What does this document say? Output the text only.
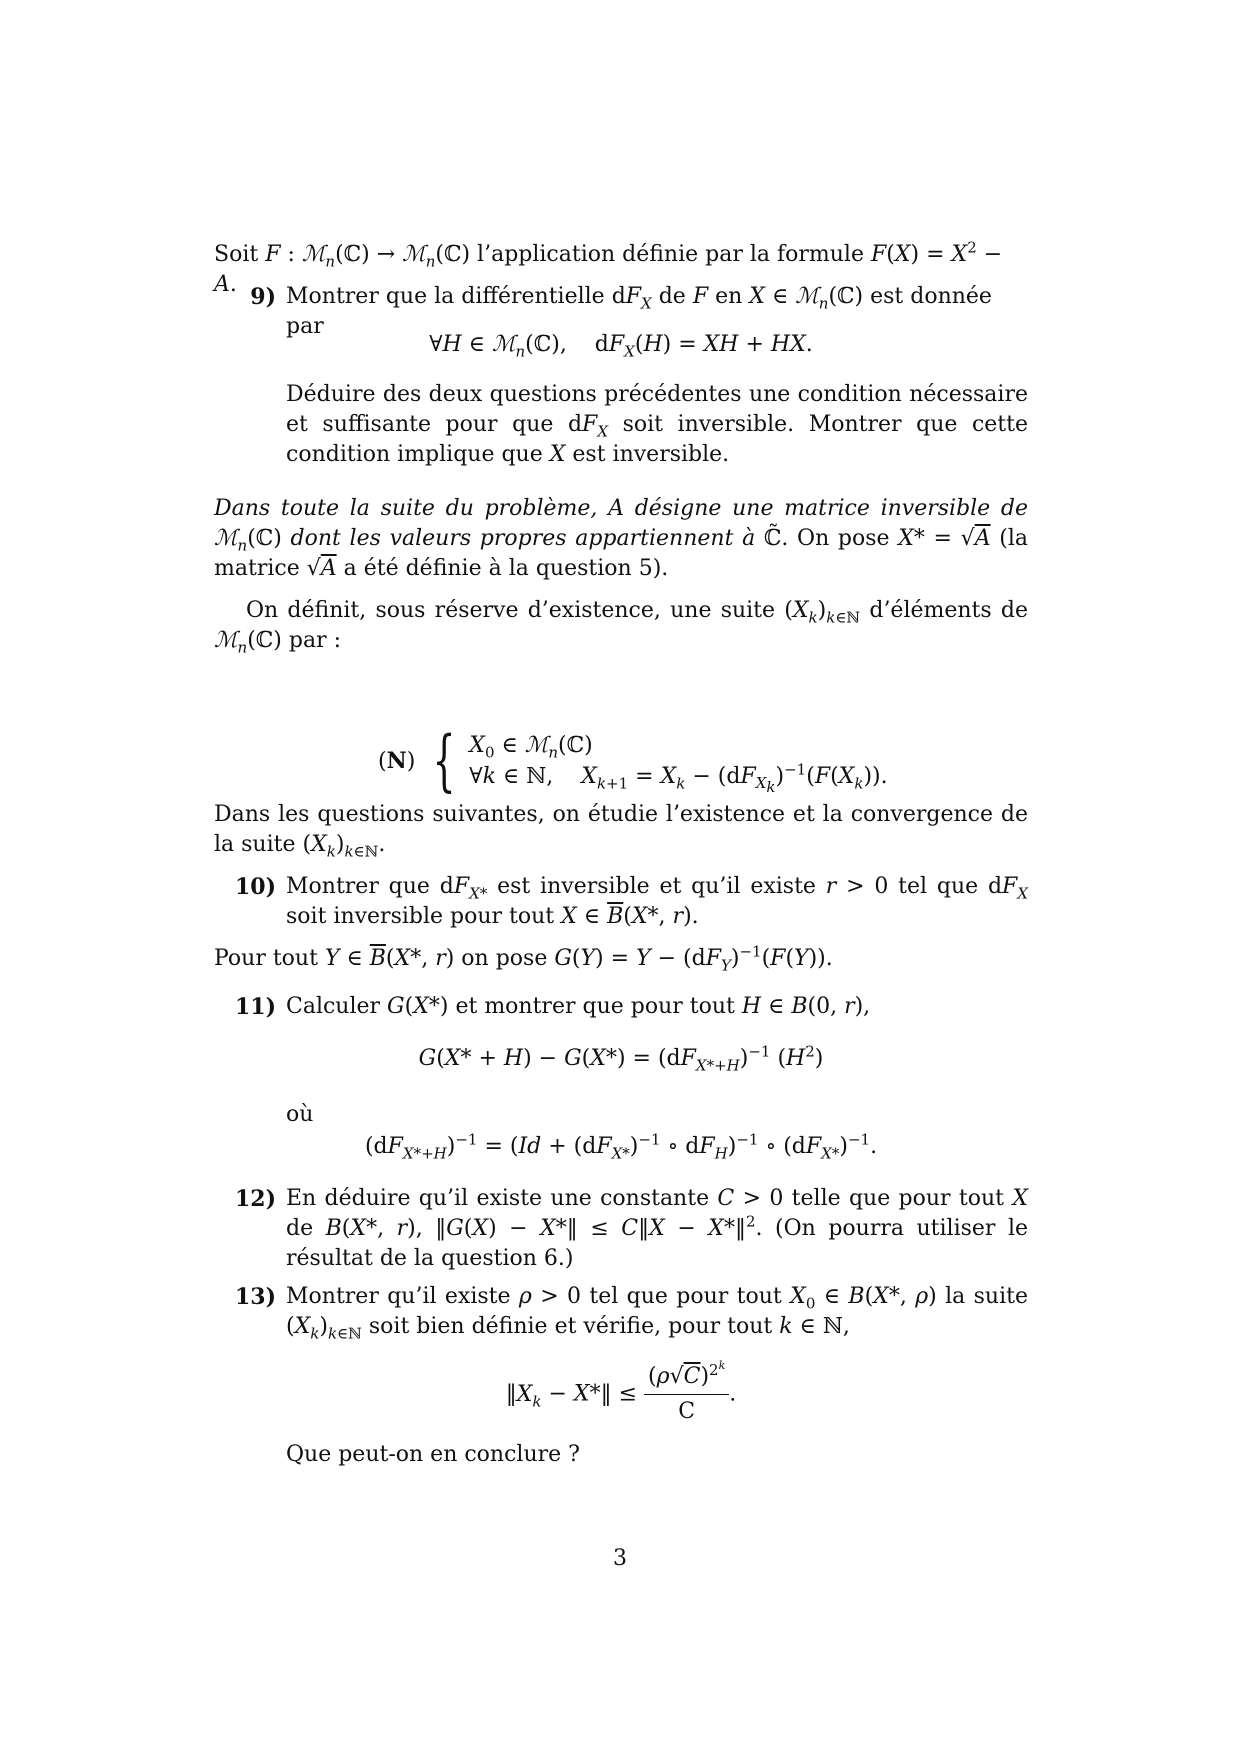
Soit F : ℳ$_n$(ℂ) → ℳ$_n$(ℂ) l’application définie par la formule $F(X) = X^2 - A$. 9) Montrer que la différentielle $dF_X$ de F en X ∈ ℳ$_n$(ℂ) est donnée par

∀H ∈ ℳ$_n$(ℂ),    $dF_X(H)$ = XH + HX.

Déduire des deux questions précédentes une condition nécessaire et suffisante pour que $dF_X$ soit inversible. Montrer que cette condition implique que X est inversible.

Dans toute la suite du problème, A désigne une matrice inversible de ℳ$_n$(ℂ) dont les valeurs propres appartiennent à ℂ̃. On pose X* = √A (la matrice √A a été définie à la question 5).

On définit, sous réserve d’existence, une suite $(X_k)_{k\in ℕ}$ d’éléments de ℳ$_n$(ℂ) par :

(N) { $X_0$ ∈ ℳ$_n$(ℂ)
∀k ∈ ℕ,    $X_{k+1} = X_k - (dF_{X_k})^{-1}(F(X_k))$.

Dans les questions suivantes, on étudie l’existence et la convergence de la suite $(X_k)_{k\in ℕ}$.

10) Montrer que $dF_{X*}$ est inversible et qu’il existe r > 0 tel que $dF_X$ soit inversible pour tout X ∈ $\overline{B}(X*$, r).

Pour tout Y ∈ $\overline{B}(X*$, r) on pose $G(Y) = Y - (dF_Y)^{-1}(F(Y))$.

11) Calculer G(X*) et montrer que pour tout H ∈ B(0, r),

$G(X* + H) - G(X*) = (dF_{X*+H})^{-1}$ $(H^2)$

où

$(dF_{X*+H})^{-1} = (Id + (dF_{X*})^{-1}$ ∘ $dF_H)^{-1}$ ∘ $(dF_{X*})^{-1}$.

12) En déduire qu’il existe une constante C > 0 telle que pour tout X de B(X*, r), ‖G(X) − X*‖ ≤ C‖X − X*‖$^2$. (On pourra utiliser le résultat de la question 6.)

13) Montrer qu’il existe ρ > 0 tel que pour tout $X_0$ ∈ B(X*, ρ) la suite $(X_k)_{k\in ℕ}$ soit bien définie et vérifie, pour tout k ∈ ℕ,

$‖X_k$ − X*‖ ≤ $\frac{(\rho√C)^{2^k}}{C}$ .

Que peut-on en conclure ?

3
